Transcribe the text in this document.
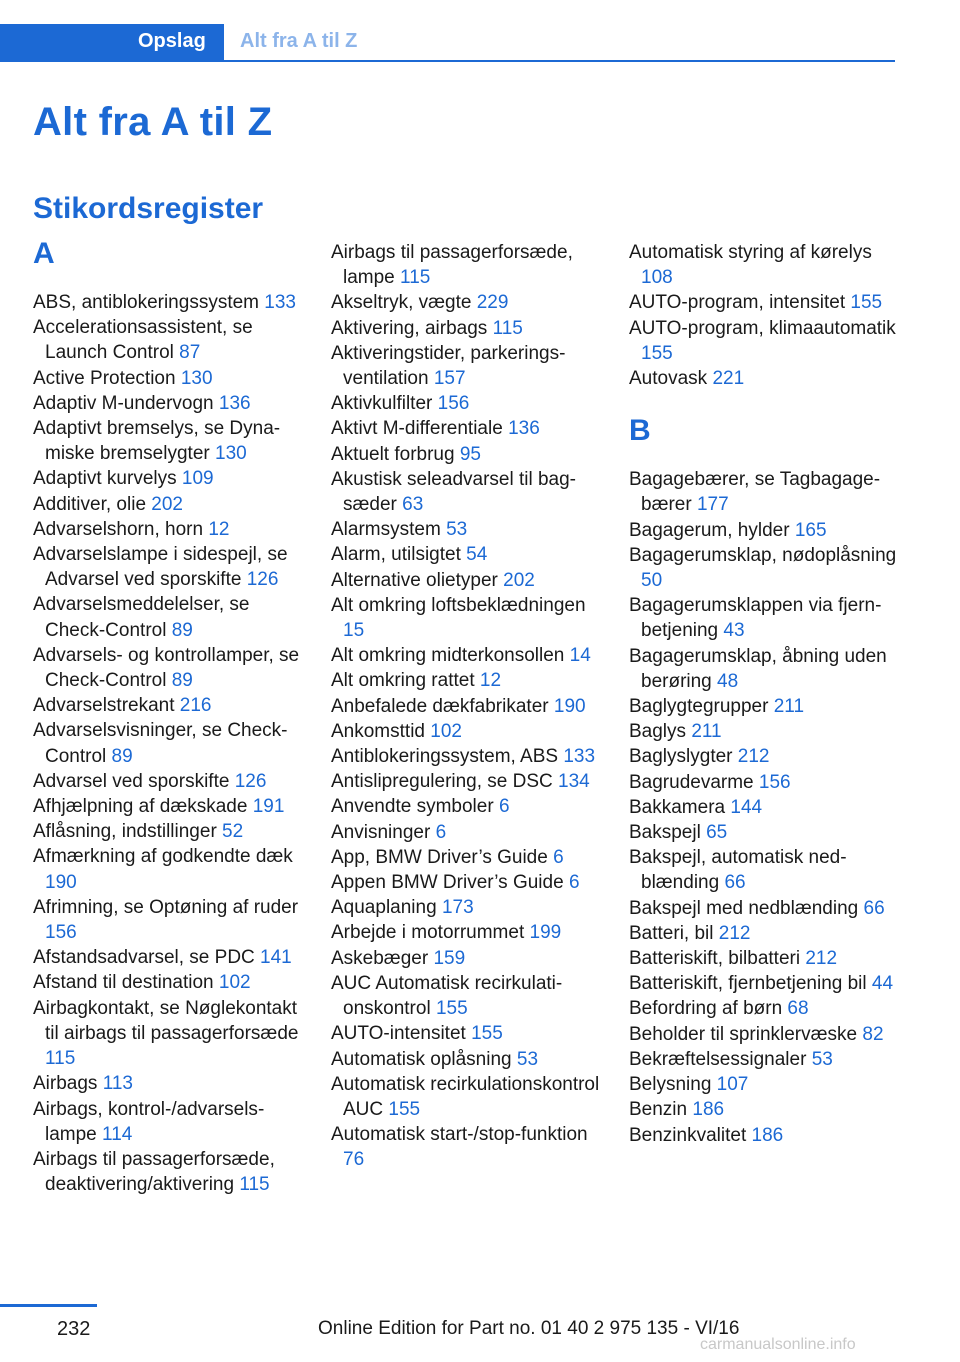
Opslag Alt fra A til Z
Alt fra A til Z
Stikordsregister
A

ABS, antiblokeringssystem 133

Accelerationsassistent, se Launch Control 87

Active Protection 130

Adaptiv M-undervogn 136

Adaptivt bremselys, se Dynamiske bremselygter 130

Adaptivt kurvelys 109

Additiver, olie 202

Advarselshorn, horn 12

Advarselslampe i sidespejl, se Advarsel ved sporskifte 126

Advarselsmeddelelser, se Check-Control 89

Advarsels- og kontrollamper, se Check-Control 89

Advarselstrekant 216

Advarselsvisninger, se Check-Control 89

Advarsel ved sporskifte 126

Afhjælpning af dækskade 191

Aflåsning, indstillinger 52

Afmærkning af godkendte dæk 190

Afrimning, se Optøning af ruder 156

Afstandsadvarsel, se PDC 141

Afstand til destination 102

Airbagkontakt, se Nøglekontakt til airbags til passagerforsæde 115

Airbags 113

Airbags, kontrol-/advarselslampe 114

Airbags til passagerforsæde, deaktivering/aktivering 115

Airbags til passagerforsæde, lampe 115

Akseltryk, vægte 229

Aktivering, airbags 115

Aktiveringstider, parkeringsventilation 157

Aktivkulfilter 156

Aktivt M-differentiale 136

Aktuelt forbrug 95

Akustisk seleadvarsel til bagsæder 63

Alarmsystem 53

Alarm, utilsigtet 54

Alternative olietyper 202

Alt omkring loftsbeklædningen 15

Alt omkring midterkonsollen 14

Alt omkring rattet 12

Anbefalede dækfabrikater 190

Ankomsttid 102

Antiblokeringssystem, ABS 133

Antislipregulering, se DSC 134

Anvendte symboler 6

Anvisninger 6

App, BMW Driver’s Guide 6

Appen BMW Driver’s Guide 6

Aquaplaning 173

Arbejde i motorrummet 199

Askebæger 159

AUC Automatisk recirkulationskontrol 155

AUTO-intensitet 155

Automatisk oplåsning 53

Automatisk recirkulationskontrol AUC 155

Automatisk start-/stop-funktion 76

Automatisk styring af kørelys 108

AUTO-program, intensitet 155

AUTO-program, klimaautomatik 155

Autovask 221

B

Bagagebærer, se Tagbagagebærer 177

Bagagerum, hylder 165

Bagagerumsklap, nødoplåsning 50

Bagagerumsklappen via fjernbetjening 43

Bagagerumsklap, åbning uden berøring 48

Baglygtegrupper 211

Baglys 211

Baglyslygter 212

Bagrudevarme 156

Bakkamera 144

Bakspejl 65

Bakspejl, automatisk nedblænding 66

Bakspejl med nedblænding 66

Batteri, bil 212

Batteriskift, bilbatteri 212

Batteriskift, fjernbetjening bil 44

Befordring af børn 68

Beholder til sprinklervæske 82

Bekræftelsessignaler 53

Belysning 107

Benzin 186

Benzinkvalitet 186

232	Online Edition for Part no. 01 40 2 975 135 - VI/16
carmanualsonline.info
